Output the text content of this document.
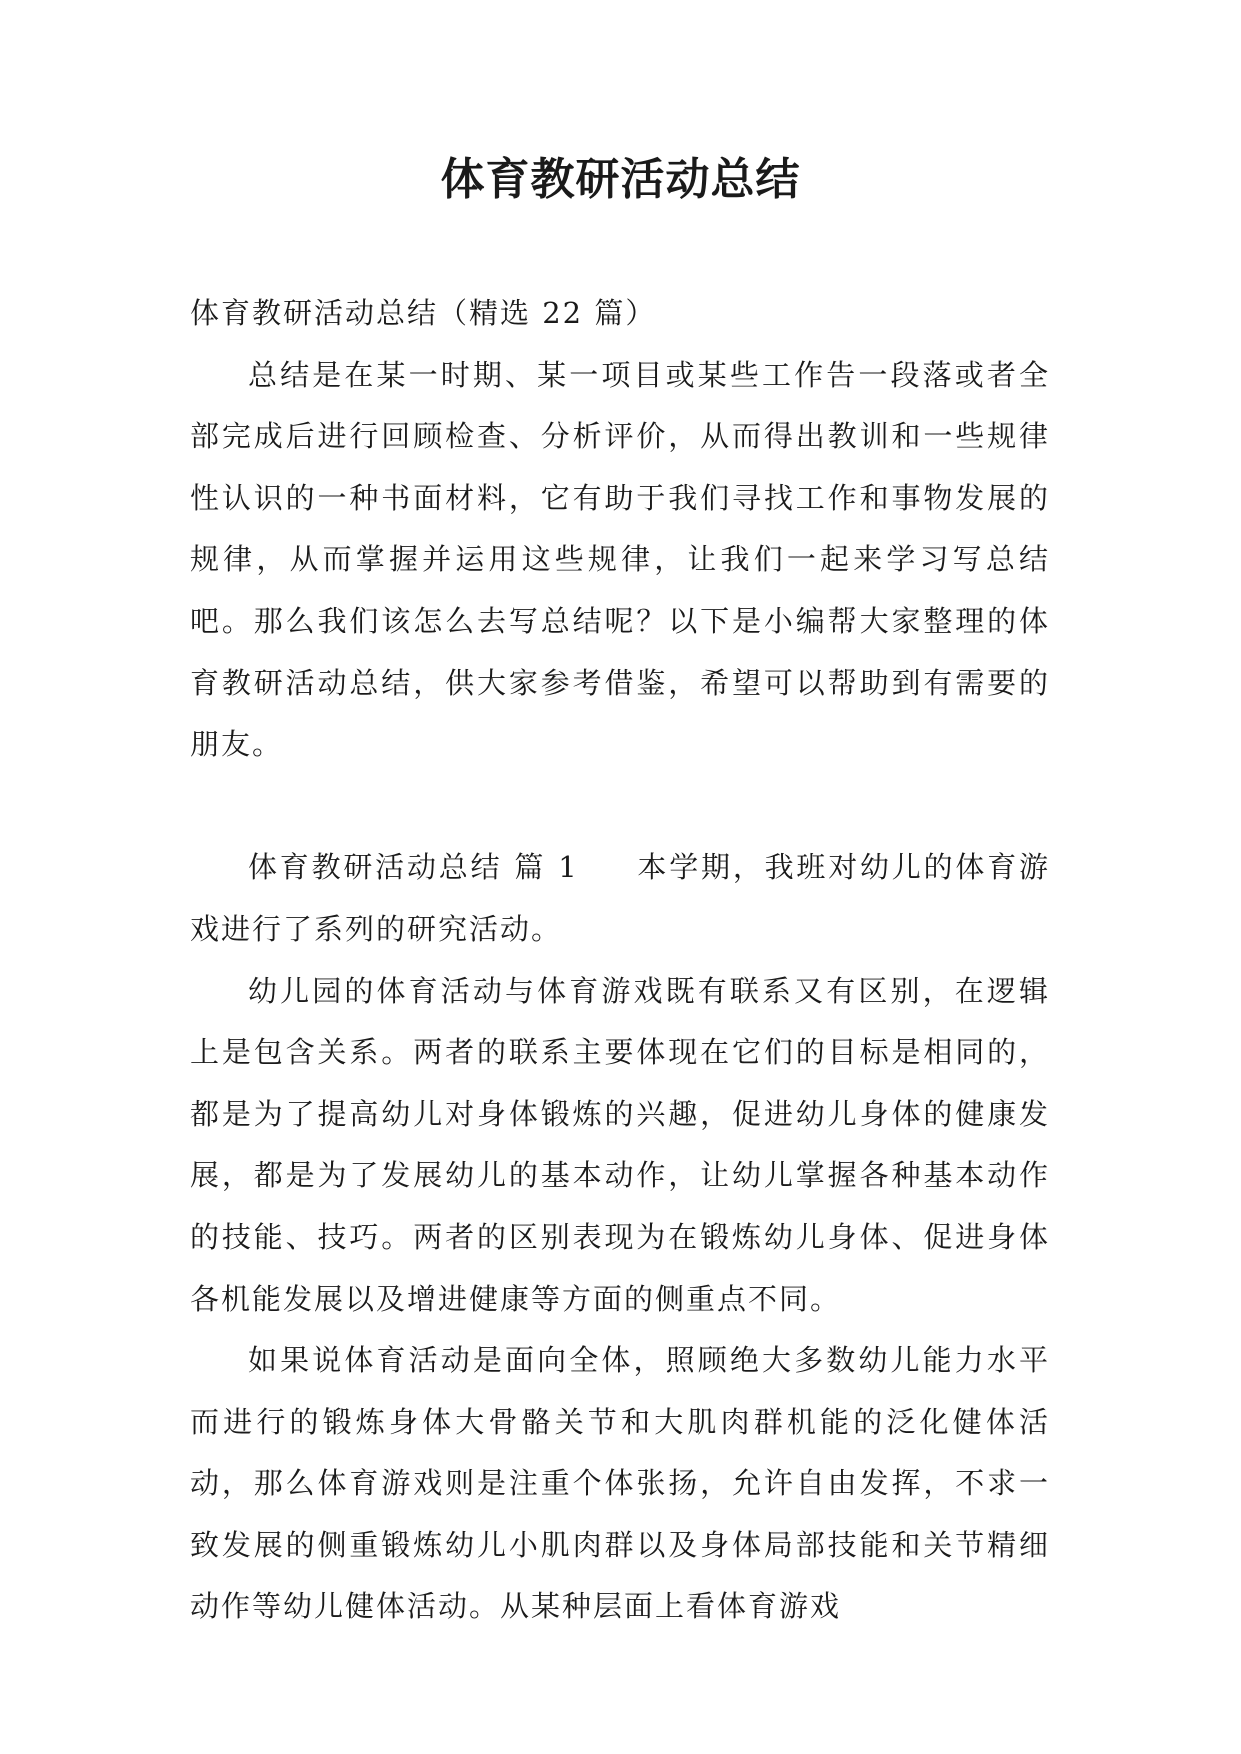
体育教研活动总结

体育教研活动总结（精选 22 篇）

总结是在某一时期、某一项目或某些工作告一段落或者全部完成后进行回顾检查、分析评价，从而得出教训和一些规律性认识的一种书面材料，它有助于我们寻找工作和事物发展的规律，从而掌握并运用这些规律，让我们一起来学习写总结吧。那么我们该怎么去写总结呢？以下是小编帮大家整理的体育教研活动总结，供大家参考借鉴，希望可以帮助到有需要的朋友。

体育教研活动总结 篇 1 本学期，我班对幼儿的体育游戏进行了系列的研究活动。

幼儿园的体育活动与体育游戏既有联系又有区别，在逻辑上是包含关系。两者的联系主要体现在它们的目标是相同的，都是为了提高幼儿对身体锻炼的兴趣，促进幼儿身体的健康发展，都是为了发展幼儿的基本动作，让幼儿掌握各种基本动作的技能、技巧。两者的区别表现为在锻炼幼儿身体、促进身体各机能发展以及增进健康等方面的侧重点不同。

如果说体育活动是面向全体，照顾绝大多数幼儿能力水平而进行的锻炼身体大骨骼关节和大肌肉群机能的泛化健体活动，那么体育游戏则是注重个体张扬，允许自由发挥，不求一致发展的侧重锻炼幼儿小肌肉群以及身体局部技能和关节精细动作等幼儿健体活动。从某种层面上看体育游戏
